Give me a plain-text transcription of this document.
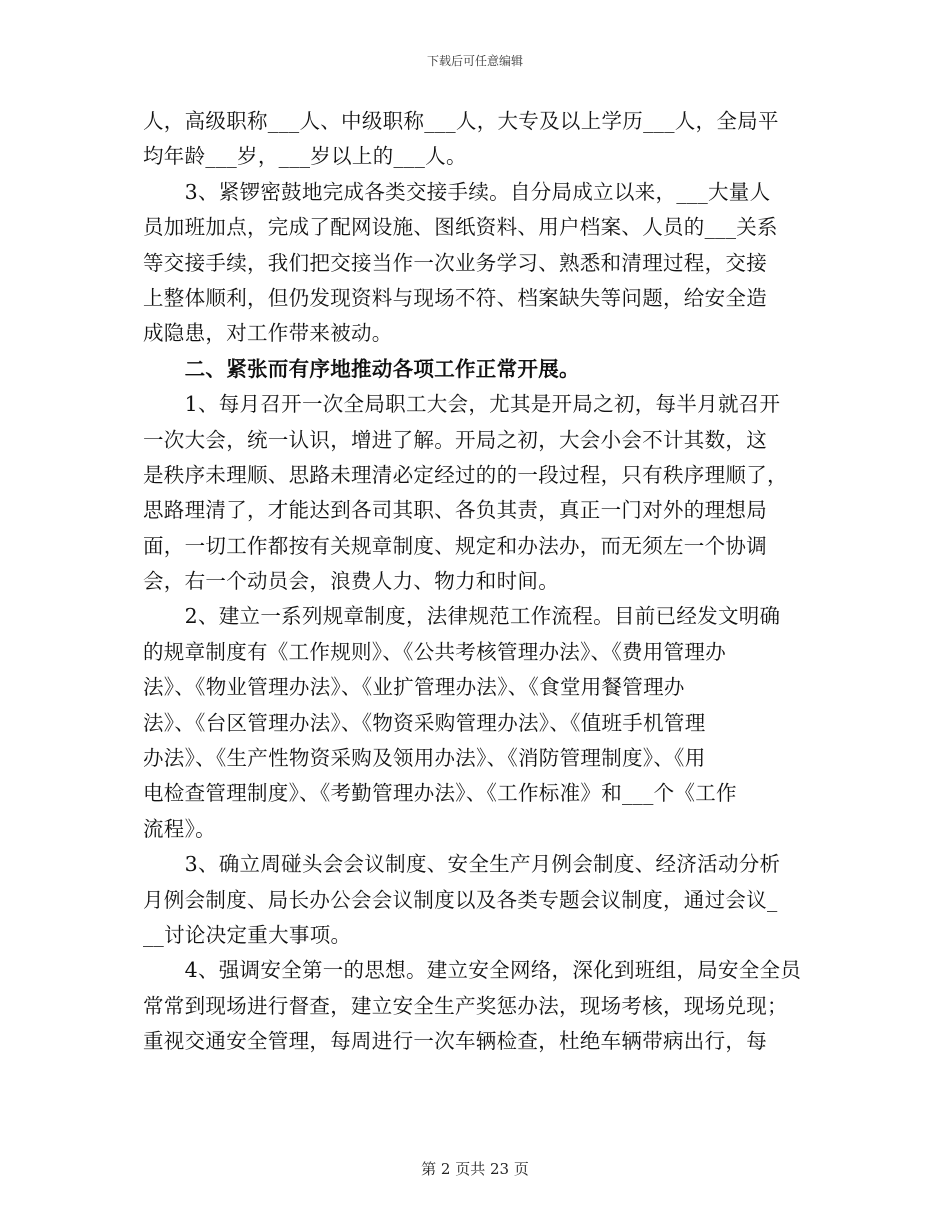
下载后可任意编辑
人，高级职称___人、中级职称___人，大专及以上学历___人，全局平
均年龄___岁，___岁以上的___人。
　　3、紧锣密鼓地完成各类交接手续。自分局成立以来，___大量人
员加班加点，完成了配网设施、图纸资料、用户档案、人员的___关系
等交接手续，我们把交接当作一次业务学习、熟悉和清理过程，交接
上整体顺利，但仍发现资料与现场不符、档案缺失等问题，给安全造
成隐患，对工作带来被动。
　　二、紧张而有序地推动各项工作正常开展。
　　1、每月召开一次全局职工大会，尤其是开局之初，每半月就召开
一次大会，统一认识，增进了解。开局之初，大会小会不计其数，这
是秩序未理顺、思路未理清必定经过的的一段过程，只有秩序理顺了，
思路理清了，才能达到各司其职、各负其责，真正一门对外的理想局
面，一切工作都按有关规章制度、规定和办法办，而无须左一个协调
会，右一个动员会，浪费人力、物力和时间。
　　2、建立一系列规章制度，法律规范工作流程。目前已经发文明确
的规章制度有《工作规则》、《公共考核管理办法》、《费用管理办
法》、《物业管理办法》、《业扩管理办法》、《食堂用餐管理办
法》、《台区管理办法》、《物资采购管理办法》、《值班手机管理
办法》、《生产性物资采购及领用办法》、《消防管理制度》、《用
电检查管理制度》、《考勤管理办法》、《工作标准》和___个《工作
流程》。
　　3、确立周碰头会会议制度、安全生产月例会制度、经济活动分析
月例会制度、局长办公会会议制度以及各类专题会议制度，通过会议_
__讨论决定重大事项。
　　4、强调安全第一的思想。建立安全网络，深化到班组，局安全全员
常常到现场进行督查，建立安全生产奖惩办法，现场考核，现场兑现；
重视交通安全管理，每周进行一次车辆检查，杜绝车辆带病出行，每
第 2 页共 23 页
